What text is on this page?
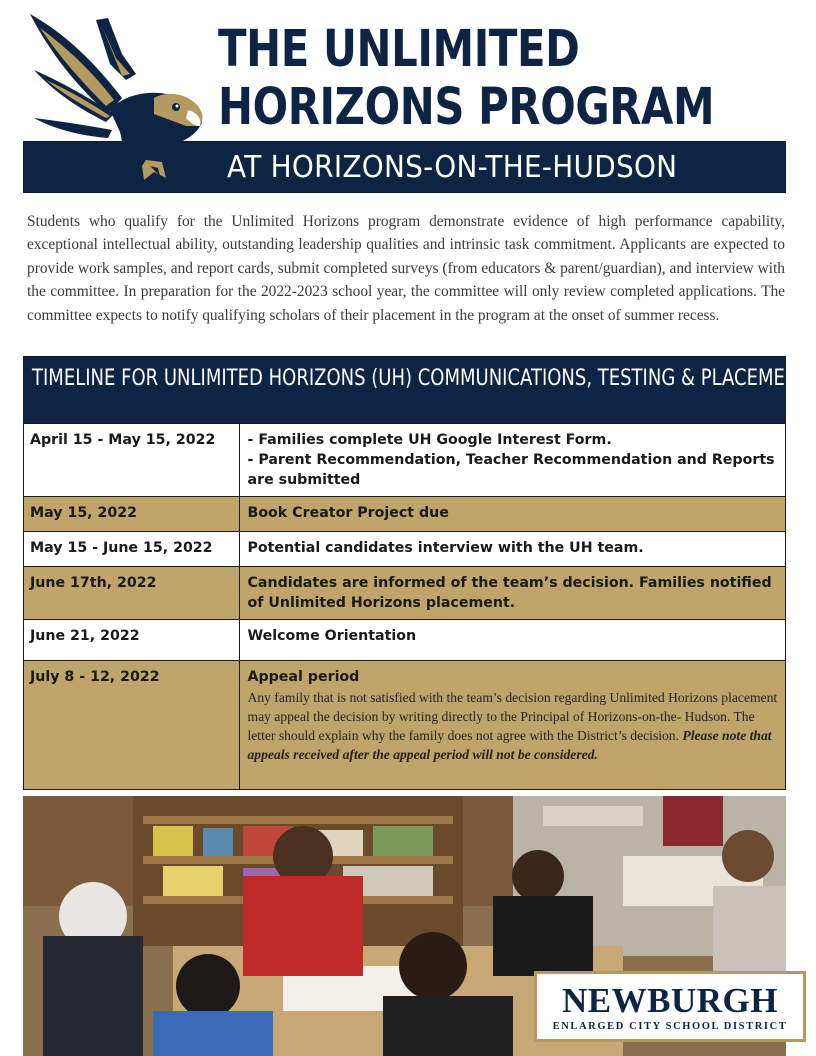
THE UNLIMITED
HORIZONS PROGRAM
AT HORIZONS-ON-THE-HUDSON

Students who qualify for the Unlimited Horizons program demonstrate evidence of high performance capability, exceptional intellectual ability, outstanding leadership qualities and intrinsic task commitment. Applicants are expected to provide work samples, and report cards, submit completed surveys (from educators & parent/guardian), and interview with the committee. In preparation for the 2022-2023 school year, the committee will only review completed applications. The committee expects to notify qualifying scholars of their placement in the program at the onset of summer recess.

TIMELINE FOR UNLIMITED HORIZONS (UH) COMMUNICATIONS, TESTING & PLACEMENT
April 15 - May 15, 2022	- Families complete UH Google Interest Form.
- Parent Recommendation, Teacher Recommendation and Reports are submitted

May 15, 2022	Book Creator Project due
May 15 - June 15, 2022	Potential candidates interview with the UH team.
June 17th, 2022	Candidates are informed of the team’s decision. Families notified of Unlimited Horizons placement.
June 21, 2022	Welcome Orientation
July 8 - 12, 2022	Appeal period
Any family that is not satisfied with the team’s decision regarding Unlimited Horizons placement may appeal the decision by writing directly to the Principal of Horizons-on-the- Hudson. The letter should explain why the family does not agree with the District’s decision. Please note that appeals received after the appeal period will not be considered.
NEWBURGH
ENLARGED CITY SCHOOL DISTRICT
